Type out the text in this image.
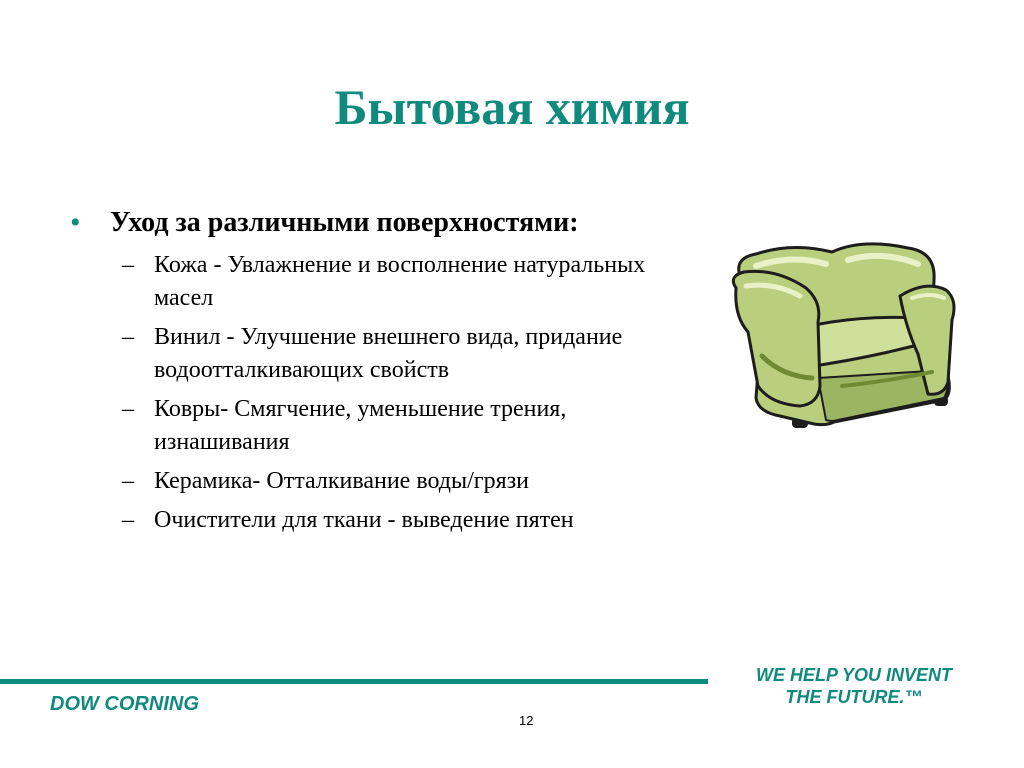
Бытовая химия
•	Уход за различными поверхностями:
– Кожа - Увлажнение и восполнение натуральных масел
– Винил - Улучшение внешнего вида, придание водоотталкивающих свойств
– Ковры- Смягчение, уменьшение трения, изнашивания
– Керамика- Отталкивание воды/грязи
– Очистители для ткани - выведение пятен
DOW CORNING
WE HELP YOU INVENT
THE FUTURE.™
12
